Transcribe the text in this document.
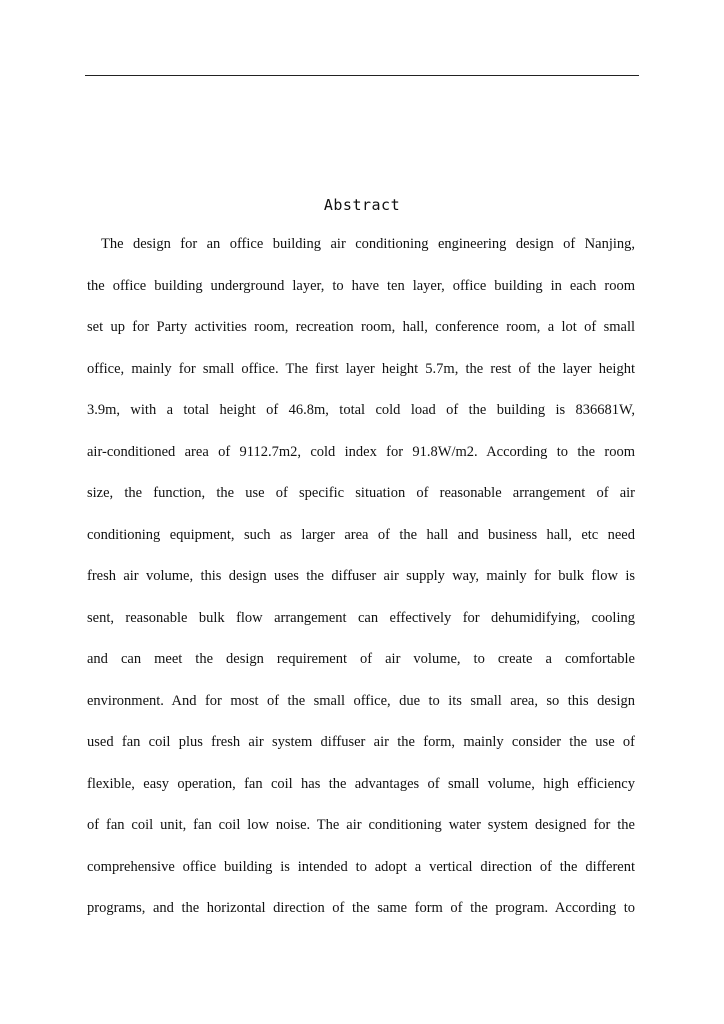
Abstract
The design for an office building air conditioning engineering design of Nanjing,
the office building underground layer, to have ten layer, office building in each room
set up for Party activities room, recreation room, hall, conference room, a lot of small
office, mainly for small office. The first layer height 5.7m, the rest of the layer height
3.9m, with a total height of 46.8m, total cold load of the building is 836681W,
air-conditioned area of 9112.7m2, cold index for 91.8W/m2. According to the room
size, the function, the use of specific situation of reasonable arrangement of air
conditioning equipment, such as larger area of the hall and business hall, etc need
fresh air volume, this design uses the diffuser air supply way, mainly for bulk flow is
sent, reasonable bulk flow arrangement can effectively for dehumidifying, cooling
and can meet the design requirement of air volume, to create a comfortable
environment. And for most of the small office, due to its small area, so this design
used fan coil plus fresh air system diffuser air the form, mainly consider the use of
flexible, easy operation, fan coil has the advantages of small volume, high efficiency
of fan coil unit, fan coil low noise. The air conditioning water system designed for the
comprehensive office building is intended to adopt a vertical direction of the different
programs, and the horizontal direction of the same form of the program. According to
